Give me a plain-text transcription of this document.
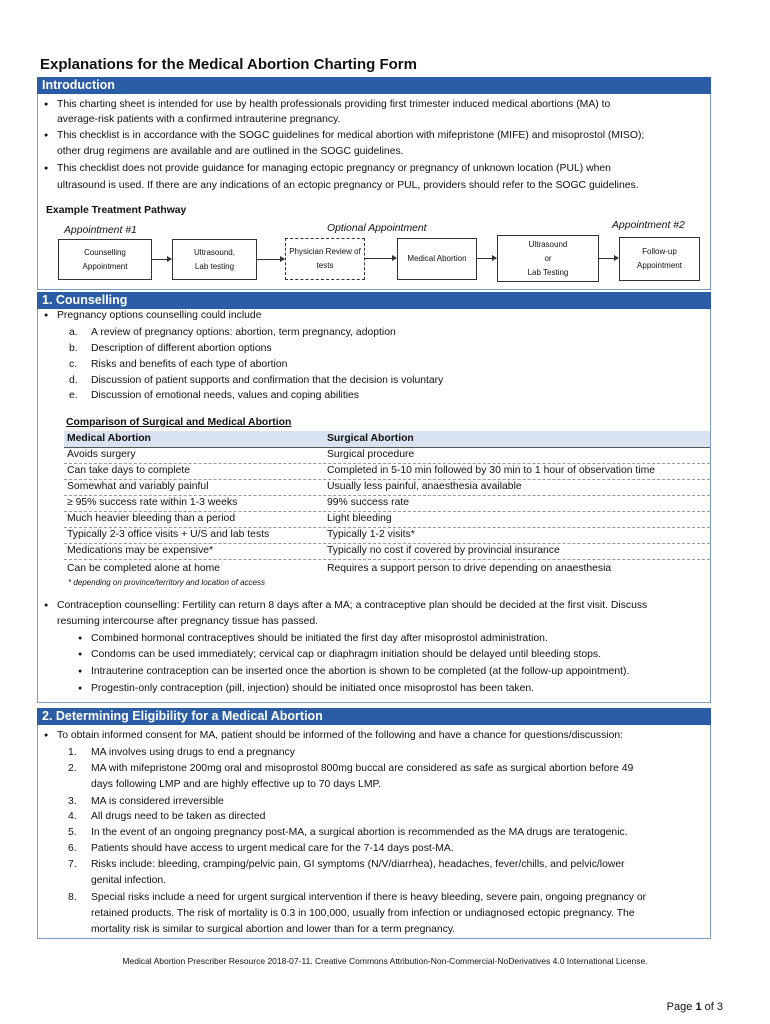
Explanations for the Medical Abortion Charting Form
Introduction
● This charting sheet is intended for use by health professionals providing first trimester induced medical abortions (MA) to
average-risk patients with a confirmed intrauterine pregnancy.
● This checklist is in accordance with the SOGC guidelines for medical abortion with mifepristone (MIFE) and misoprostol (MISO);
other drug regimens are available and are outlined in the SOGC guidelines.
● This checklist does not provide guidance for managing ectopic pregnancy or pregnancy of unknown location (PUL) when
ultrasound is used. If there are any indications of an ectopic pregnancy or PUL, providers should refer to the SOGC guidelines.
Example Treatment Pathway
Appointment #1	Optional Appointment	Appointment #2
Counselling
Appointment
Ultrasound,
Lab testing
Physician Review of
tests
Medical Abortion
Ultrasound
or
Lab Testing
Follow-up
Appointment
1. Counselling
● Pregnancy options counselling could include
a. A review of pregnancy options: abortion, term pregnancy, adoption
b. Description of different abortion options
c. Risks and benefits of each type of abortion
d. Discussion of patient supports and confirmation that the decision is voluntary
e. Discussion of emotional needs, values and coping abilities
Comparison of Surgical and Medical Abortion
Medical Abortion	Surgical Abortion
Avoids surgery	Surgical procedure
Can take days to complete	Completed in 5-10 min followed by 30 min to 1 hour of observation time
Somewhat and variably painful	Usually less painful, anaesthesia available
≥ 95% success rate within 1-3 weeks	99% success rate
Much heavier bleeding than a period	Light bleeding
Typically 2-3 office visits + U/S and lab tests	Typically 1-2 visits*
Medications may be expensive*	Typically no cost if covered by provincial insurance
Can be completed alone at home	Requires a support person to drive depending on anaesthesia
* depending on province/territory and location of access
● Contraception counselling: Fertility can return 8 days after a MA; a contraceptive plan should be decided at the first visit. Discuss
resuming intercourse after pregnancy tissue has passed.
● Combined hormonal contraceptives should be initiated the first day after misoprostol administration.
● Condoms can be used immediately; cervical cap or diaphragm initiation should be delayed until bleeding stops.
● Intrauterine contraception can be inserted once the abortion is shown to be completed (at the follow-up appointment).
● Progestin-only contraception (pill, injection) should be initiated once misoprostol has been taken.
2. Determining Eligibility for a Medical Abortion
● To obtain informed consent for MA, patient should be informed of the following and have a chance for questions/discussion:
1. MA involves using drugs to end a pregnancy
2. MA with mifepristone 200mg oral and misoprostol 800mg buccal are considered as safe as surgical abortion before 49
days following LMP and are highly effective up to 70 days LMP.
3. MA is considered irreversible
4. All drugs need to be taken as directed
5. In the event of an ongoing pregnancy post-MA, a surgical abortion is recommended as the MA drugs are teratogenic.
6. Patients should have access to urgent medical care for the 7-14 days post-MA.
7. Risks include: bleeding, cramping/pelvic pain, GI symptoms (N/V/diarrhea), headaches, fever/chills, and pelvic/lower
genital infection.
8. Special risks include a need for urgent surgical intervention if there is heavy bleeding, severe pain, ongoing pregnancy or
retained products. The risk of mortality is 0.3 in 100,000, usually from infection or undiagnosed ectopic pregnancy. The
mortality risk is similar to surgical abortion and lower than for a term pregnancy.
Medical Abortion Prescriber Resource 2018-07-11. Creative Commons Attribution-Non-Commercial-NoDerivatives 4.0 International License.
Page 1 of 3
